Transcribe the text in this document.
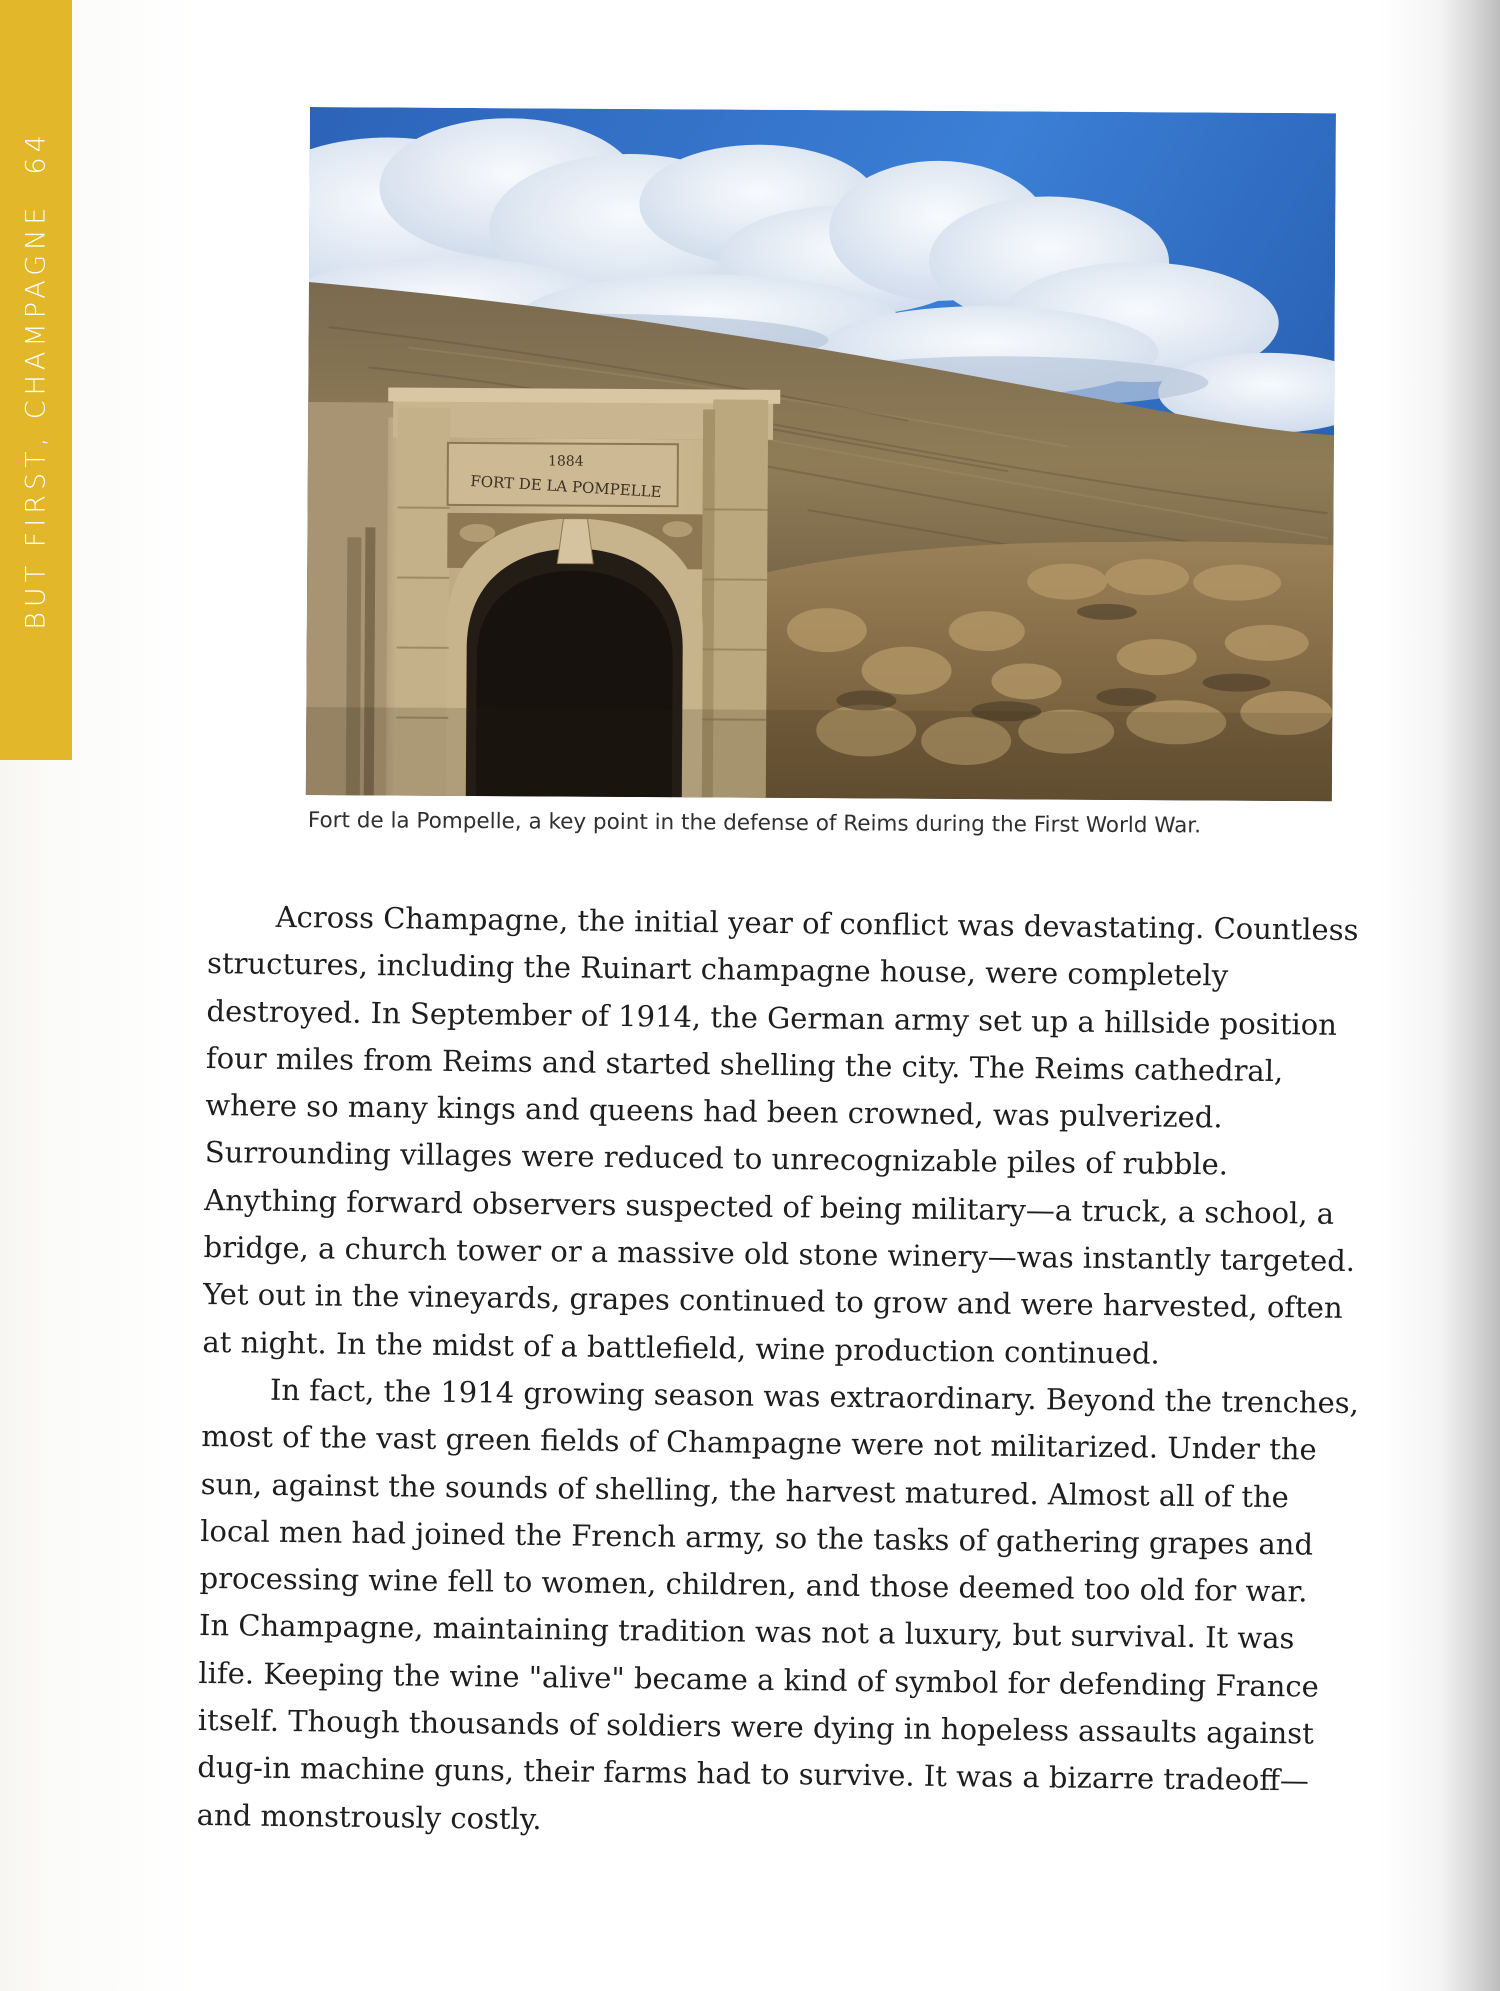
BUT FIRST, CHAMPAGNE64
1884
FORT DE LA POMPELLE
Fort de la Pompelle, a key point in the defense of Reims during the First World War.
Across Champagne, the initial year of conflict was devastating. Countless
structures, including the Ruinart champagne house, were completely
destroyed. In September of 1914, the German army set up a hillside position
four miles from Reims and started shelling the city. The Reims cathedral,
where so many kings and queens had been crowned, was pulverized.
Surrounding villages were reduced to unrecognizable piles of rubble.
Anything forward observers suspected of being military—a truck, a school, a
bridge, a church tower or a massive old stone winery—was instantly targeted.
Yet out in the vineyards, grapes continued to grow and were harvested, often
at night. In the midst of a battlefield, wine production continued.
In fact, the 1914 growing season was extraordinary. Beyond the trenches,
most of the vast green fields of Champagne were not militarized. Under the
sun, against the sounds of shelling, the harvest matured. Almost all of the
local men had joined the French army, so the tasks of gathering grapes and
processing wine fell to women, children, and those deemed too old for war.
In Champagne, maintaining tradition was not a luxury, but survival. It was
life. Keeping the wine "alive" became a kind of symbol for defending France
itself. Though thousands of soldiers were dying in hopeless assaults against
dug-in machine guns, their farms had to survive. It was a bizarre tradeoff—
and monstrously costly.
